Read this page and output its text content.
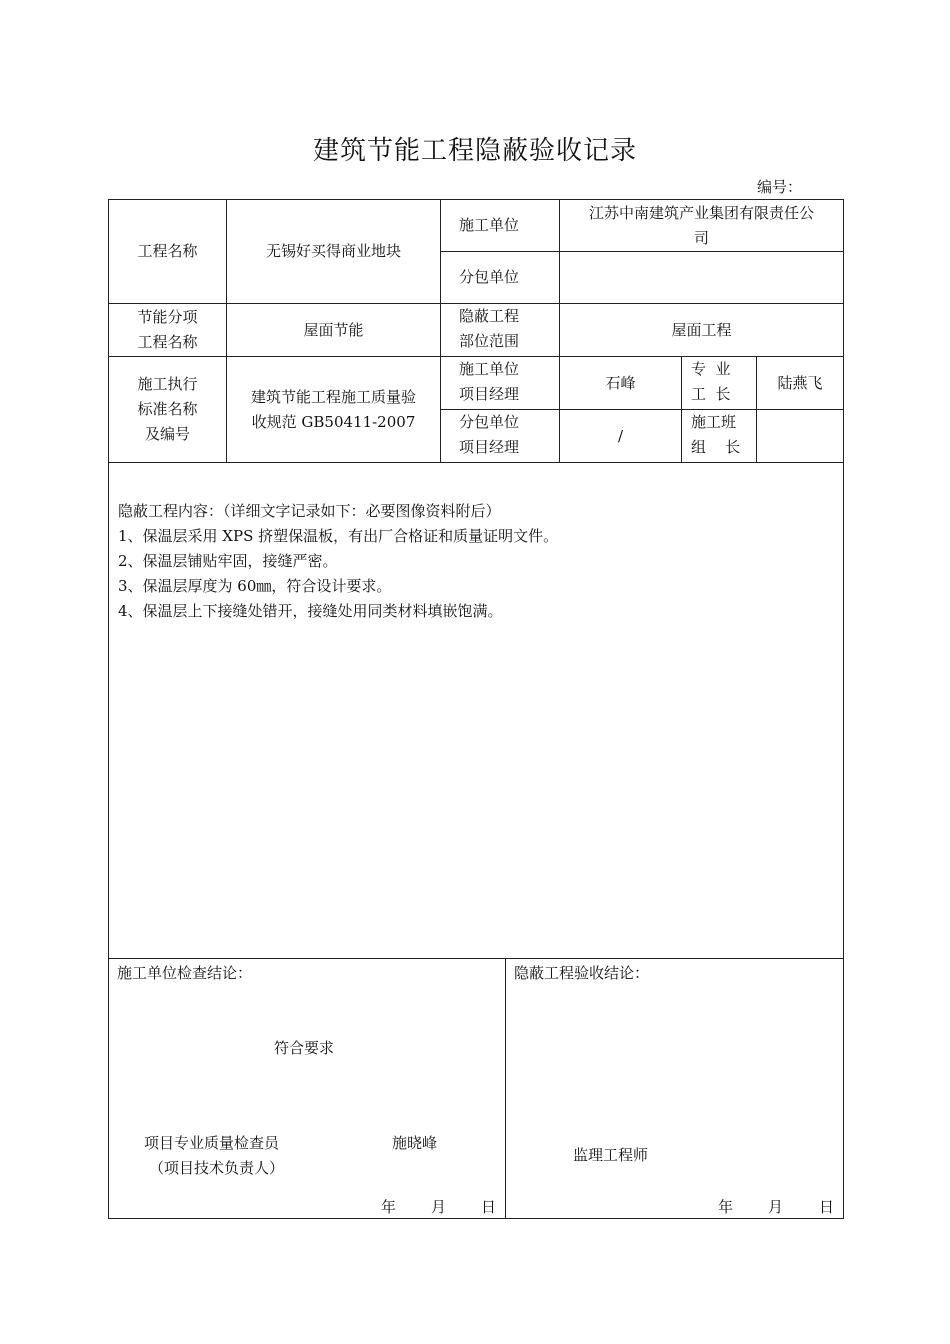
建筑节能工程隐蔽验收记录
编号：
工程名称	无锡好买得商业地块
施工单位
江苏中南建筑产业集团有限责任公
司
分包单位
节能分项
工程名称
屋面节能
隐蔽工程
部位范围
屋面工程
施工执行
标准名称
及编号
建筑节能工程施工质量验
收规范 GB50411-2007
施工单位
项目经理
石峰
专  业
工  长
陆燕飞
分包单位
项目经理
/
施工班
组    长

隐蔽工程内容：（详细文字记录如下：必要图像资料附后）

1、保温层采用 XPS 挤塑保温板，有出厂合格证和质量证明文件。

2、保温层铺贴牢固，接缝严密。

3、保温层厚度为 60㎜，符合设计要求。

4、保温层上下接缝处错开，接缝处用同类材料填嵌饱满。

施工单位检查结论：
符合要求
项目专业质量检查员
（项目技术负责人）
施晓峰
年 月 日
隐蔽工程验收结论：
监理工程师
年 月 日
